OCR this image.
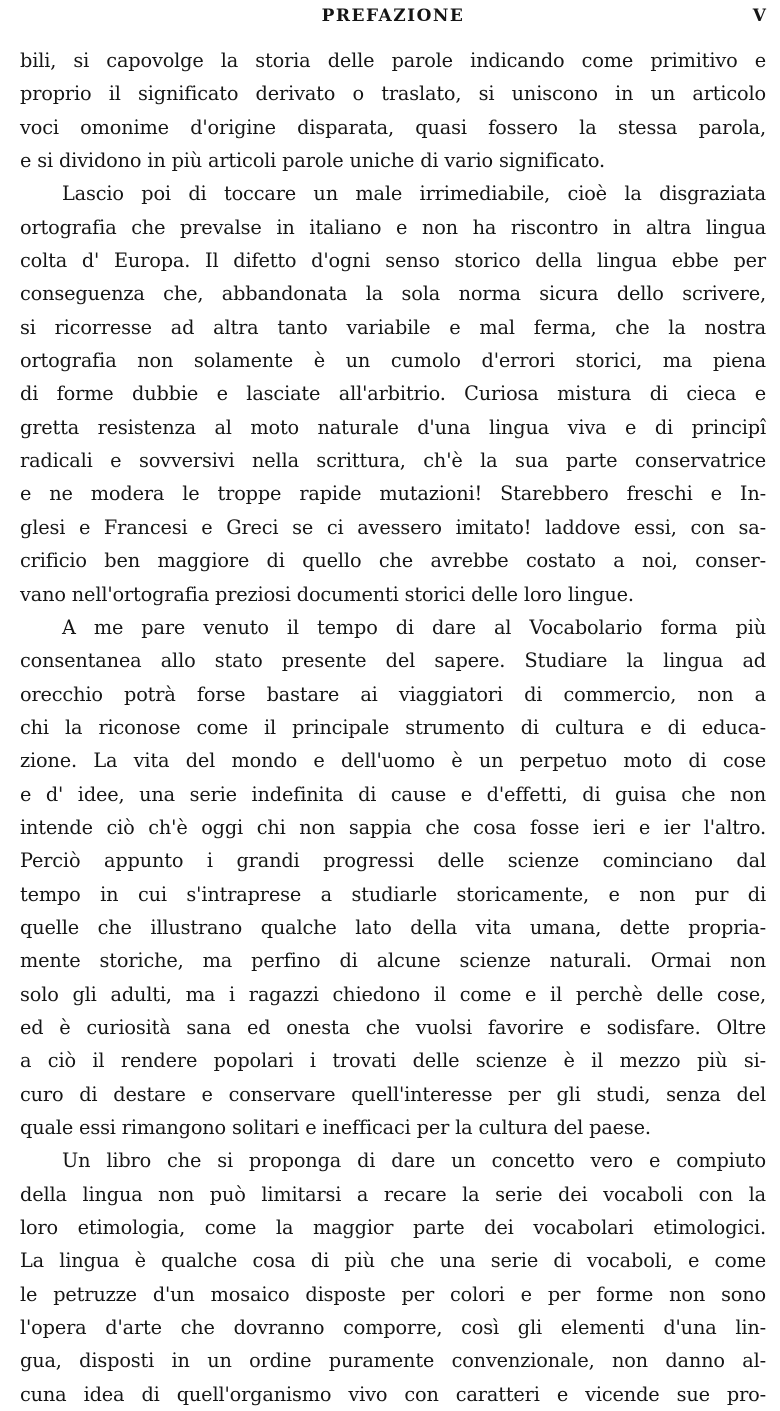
PREFAZIONE	V
bili, si capovolge la storia delle parole indicando come primitivo e
proprio il significato derivato o traslato, si uniscono in un articolo
voci omonime d'origine disparata, quasi fossero la stessa parola,
e si dividono in più articoli parole uniche di vario significato.
Lascio poi di toccare un male irrimediabile, cioè la disgraziata
ortografia che prevalse in italiano e non ha riscontro in altra lingua
colta d' Europa. Il difetto d'ogni senso storico della lingua ebbe per
conseguenza che, abbandonata la sola norma sicura dello scrivere,
si ricorresse ad altra tanto variabile e mal ferma, che la nostra
ortografia non solamente è un cumolo d'errori storici, ma piena
di forme dubbie e lasciate all'arbitrio. Curiosa mistura di cieca e
gretta resistenza al moto naturale d'una lingua viva e di principî
radicali e sovversivi nella scrittura, ch'è la sua parte conservatrice
e ne modera le troppe rapide mutazioni! Starebbero freschi e In-
glesi e Francesi e Greci se ci avessero imitato! laddove essi, con sa-
crificio ben maggiore di quello che avrebbe costato a noi, conser-
vano nell'ortografia preziosi documenti storici delle loro lingue.
A me pare venuto il tempo di dare al Vocabolario forma più
consentanea allo stato presente del sapere. Studiare la lingua ad
orecchio potrà forse bastare ai viaggiatori di commercio, non a
chi la riconose come il principale strumento di cultura e di educa-
zione. La vita del mondo e dell'uomo è un perpetuo moto di cose
e d' idee, una serie indefinita di cause e d'effetti, di guisa che non
intende ciò ch'è oggi chi non sappia che cosa fosse ieri e ier l'altro.
Perciò appunto i grandi progressi delle scienze cominciano dal
tempo in cui s'intraprese a studiarle storicamente, e non pur di
quelle che illustrano qualche lato della vita umana, dette propria-
mente storiche, ma perfino di alcune scienze naturali. Ormai non
solo gli adulti, ma i ragazzi chiedono il come e il perchè delle cose,
ed è curiosità sana ed onesta che vuolsi favorire e sodisfare. Oltre
a ciò il rendere popolari i trovati delle scienze è il mezzo più si-
curo di destare e conservare quell'interesse per gli studi, senza del
quale essi rimangono solitari e inefficaci per la cultura del paese.
Un libro che si proponga di dare un concetto vero e compiuto
della lingua non può limitarsi a recare la serie dei vocaboli con la
loro etimologia, come la maggior parte dei vocabolari etimologici.
La lingua è qualche cosa di più che una serie di vocaboli, e come
le petruzze d'un mosaico disposte per colori e per forme non sono
l'opera d'arte che dovranno comporre, così gli elementi d'una lin-
gua, disposti in un ordine puramente convenzionale, non danno al-
cuna idea di quell'organismo vivo con caratteri e vicende sue pro-
